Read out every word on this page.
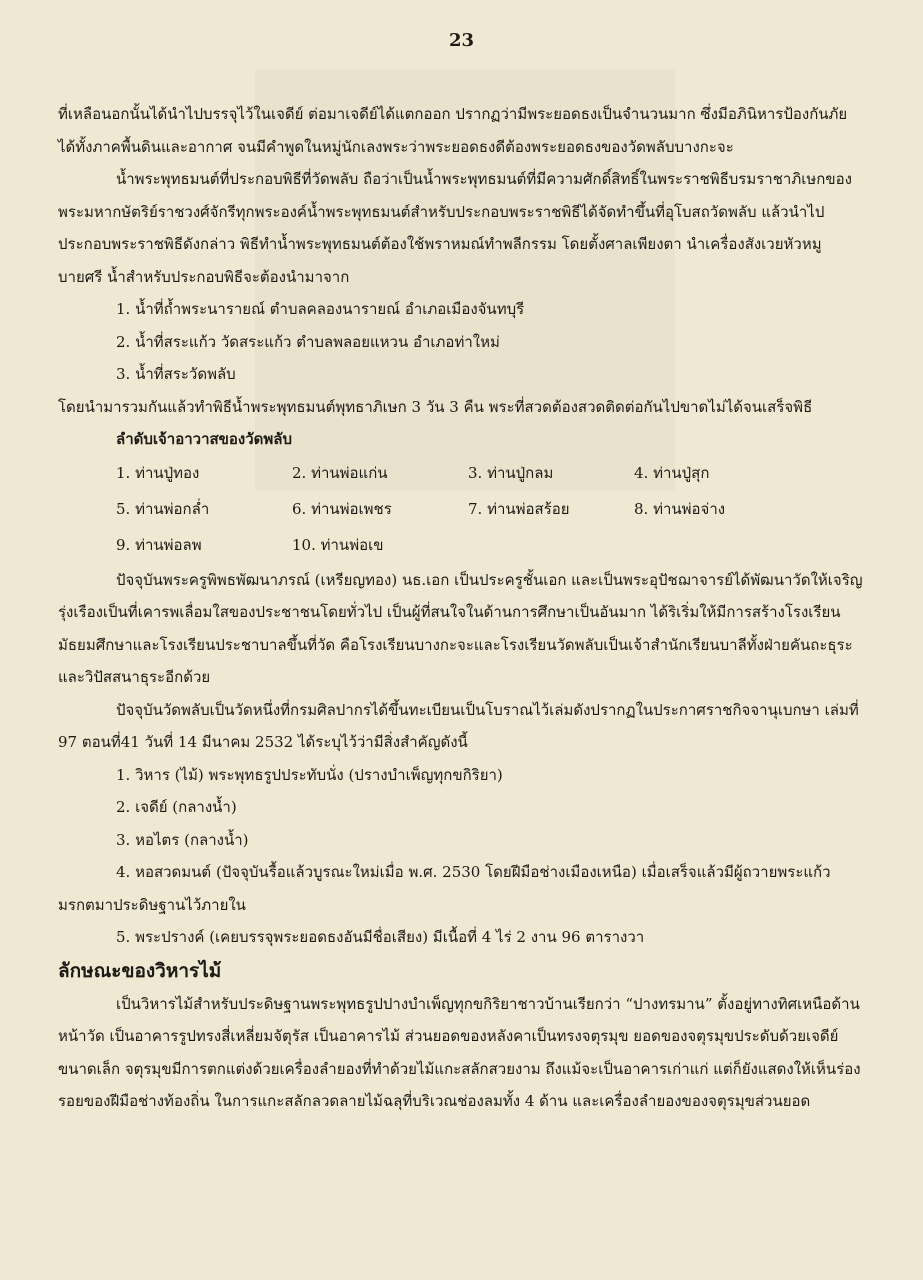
23

ที่เหลือนอกนั้นได้นำไปบรรจุไว้ในเจดีย์ ต่อมาเจดีย์ได้แตกออก ปรากฏว่ามีพระยอดธงเป็นจำนวนมาก ซึ่งมีอภินิหารป้องกันภัยได้ทั้งภาคพื้นดินและอากาศ จนมีคำพูดในหมู่นักเลงพระว่าพระยอดธงดีต้องพระยอดธงของวัดพลับบางกะจะ

น้ำพระพุทธมนต์ที่ประกอบพิธีที่วัดพลับ ถือว่าเป็นน้ำพระพุทธมนต์ที่มีความศักดิ์สิทธิ์ในพระราชพิธีบรมราชาภิเษกของพระมหากษัตริย์ราชวงศ์จักรีทุกพระองค์น้ำพระพุทธมนต์สำหรับประกอบพระราชพิธีได้จัดทำขึ้นที่อุโบสถวัดพลับ แล้วนำไปประกอบพระราชพิธีดังกล่าว พิธีทำน้ำพระพุทธมนต์ต้องใช้พราหมณ์ทำพลีกรรม โดยตั้งศาลเพียงตา นำเครื่องสังเวยหัวหมูบายศรี น้ำสำหรับประกอบพิธีจะต้องนำมาจาก

1. น้ำที่ถ้ำพระนารายณ์ ตำบลคลองนารายณ์ อำเภอเมืองจันทบุรี

2. น้ำที่สระแก้ว วัดสระแก้ว ตำบลพลอยแหวน อำเภอท่าใหม่

3. น้ำที่สระวัดพลับ

โดยนำมารวมกันแล้วทำพิธีน้ำพระพุทธมนต์พุทธาภิเษก 3 วัน 3 คืน พระที่สวดต้องสวดติดต่อกันไปขาดไม่ได้จนเสร็จพิธี

ลำดับเจ้าอาวาสของวัดพลับ

1. ท่านปู่ทอง	2. ท่านพ่อแก่น	3. ท่านปู่กลม	4. ท่านปู่สุก
5. ท่านพ่อกล่ำ	6. ท่านพ่อเพชร	7. ท่านพ่อสร้อย	8. ท่านพ่อจ่าง
9. ท่านพ่อลพ	10. ท่านพ่อเข

ปัจจุบันพระครูพิพธพัฒนาภรณ์ (เหรียญทอง) นธ.เอก เป็นประครูชั้นเอก และเป็นพระอุปัชฌาจารย์ได้พัฒนาวัดให้เจริญรุ่งเรืองเป็นที่เคารพเลื่อมใสของประชาชนโดยทั่วไป เป็นผู้ที่สนใจในด้านการศึกษาเป็นอันมาก ได้ริเริ่มให้มีการสร้างโรงเรียนมัธยมศึกษาและโรงเรียนประชาบาลขึ้นที่วัด คือโรงเรียนบางกะจะและโรงเรียนวัดพลับเป็นเจ้าสำนักเรียนบาลีทั้งฝ่ายคันถะธุระและวิปัสสนาธุระอีกด้วย

ปัจจุบันวัดพลับเป็นวัดหนึ่งที่กรมศิลปากรได้ขึ้นทะเบียนเป็นโบราณไว้เล่มดังปรากฏในประกาศราชกิจจานุเบกษา เล่มที่ 97 ตอนที่41 วันที่ 14 มีนาคม 2532 ได้ระบุไว้ว่ามีสิ่งสำคัญดังนี้

1. วิหาร (ไม้) พระพุทธรูปประทับนั่ง (ปรางบำเพ็ญทุกขกิริยา)

2. เจดีย์ (กลางน้ำ)

3. หอไตร (กลางน้ำ)

4. หอสวดมนต์ (ปัจจุบันรื้อแล้วบูรณะใหม่เมื่อ พ.ศ. 2530 โดยฝีมือช่างเมืองเหนือ) เมื่อเสร็จแล้วมีผู้ถวายพระแก้วมรกตมาประดิษฐานไว้ภายใน

5. พระปรางค์ (เคยบรรจุพระยอดธงอันมีชื่อเสียง) มีเนื้อที่ 4 ไร่ 2 งาน 96 ตารางวา

ลักษณะของวิหารไม้

เป็นวิหารไม้สำหรับประดิษฐานพระพุทธรูปปางบำเพ็ญทุกขกิริยาชาวบ้านเรียกว่า “ปางทรมาน” ตั้งอยู่ทางทิศเหนือด้านหน้าวัด เป็นอาคารรูปทรงสี่เหลี่ยมจัตุรัส เป็นอาคารไม้ ส่วนยอดของหลังคาเป็นทรงจตุรมุข ยอดของจตุรมุขประดับด้วยเจดีย์ขนาดเล็ก จตุรมุขมีการตกแต่งด้วยเครื่องลำยองที่ทำด้วยไม้แกะสลักสวยงาม ถึงแม้จะเป็นอาคารเก่าแก่ แต่ก็ยังแสดงให้เห็นร่องรอยของฝีมือช่างท้องถิ่น ในการแกะสลักลวดลายไม้ฉลุที่บริเวณช่องลมทั้ง 4 ด้าน และเครื่องลำยองของจตุรมุขส่วนยอด
